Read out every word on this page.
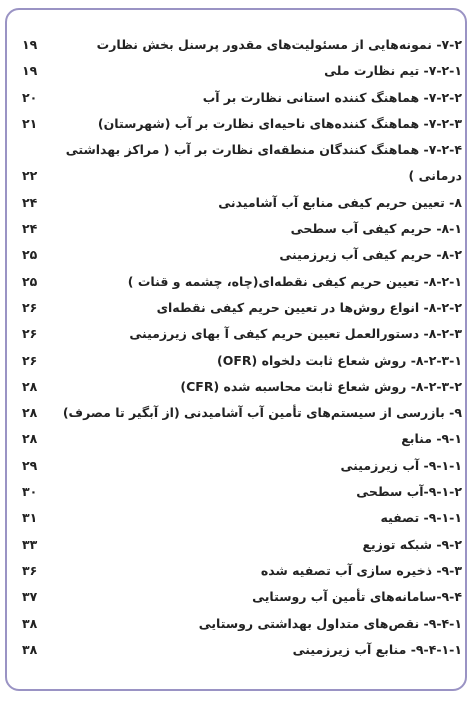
۷-۲- نمونه‌هایی از مسئولیت‌های مقدور پرسنل بخش نظارت
۱۹
۷-۲-۱- تیم نظارت ملی
۱۹
۷-۲-۲- هماهنگ کننده استانی نظارت بر آب
۲۰
۷-۲-۳- هماهنگ کننده‌های ناحیه‌ای نظارت بر آب (شهرستان)
۲۱
۷-۲-۴- هماهنگ کنندگان منطقه‌ای نظارت بر آب ( مراکز بهداشتی
درمانی )
۲۲
۸- تعیین حریم کیفی منابع آب آشامیدنی
۲۴
۸-۱- حریم کیفی آب سطحی
۲۴
۸-۲- حریم کیفی آب زیرزمینی
۲۵
۸-۲-۱- تعیین حریم کیفی نقطه‌ای(چاه، چشمه و قنات )
۲۵
۸-۲-۲- انواع روش‌ها در تعیین حریم کیفی نقطه‌ای
۲۶
۸-۲-۳- دستورالعمل تعیین حریم کیفی آ بهای زیرزمینی
۲۶
۸-۲-۳-۱- روش شعاع ثابت دلخواه (OFR)
۲۶
۸-۲-۳-۲- روش شعاع ثابت محاسبه شده (CFR)
۲۸
۹- بازرسی از سیستم‌های تأمین آب آشامیدنی (از آبگیر تا مصرف)
۲۸
۹-۱- منابع
۲۸
۹-۱-۱- آب زیرزمینی
۲۹
۹-۱-۲-آب سطحی
۳۰
۹-۱-۱- تصفیه
۳۱
۹-۲- شبکه توزیع
۳۳
۹-۳- ذخیره سازی آب تصفیه شده
۳۶
۹-۴-سامانه‌های تأمین آب روستایی
۳۷
۹-۴-۱- نقص‌های متداول بهداشتی روستایی
۳۸
۹-۴-۱-۱- منابع آب زیرزمینی
۳۸
